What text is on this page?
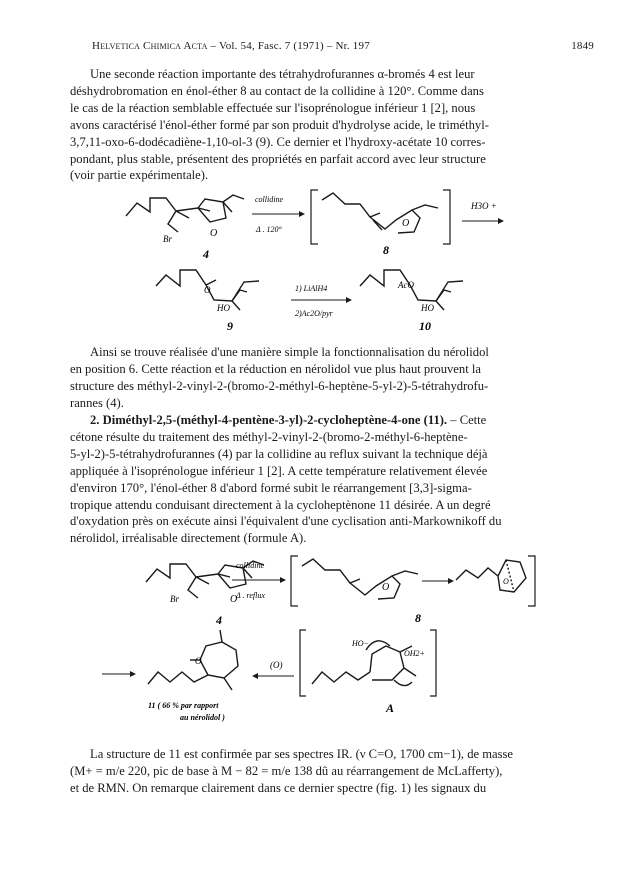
Helvetica Chimica Acta – Vol. 54, Fasc. 7 (1971) – Nr. 197	1849
Une seconde réaction importante des tétrahydrofurannes α-bromés 4 est leur
déshydrobromation en énol-éther 8 au contact de la collidine à 120°. Comme dans
le cas de la réaction semblable effectuée sur l'isoprénologue inférieur 1 [2], nous
avons caractérisé l'énol-éther formé par son produit d'hydrolyse acide, le triméthyl-
3,7,11-oxo-6-dodécadiène-1,10-ol-3 (9). Ce dernier et l'hydroxy-acétate 10 corres-
pondant, plus stable, présentent des propriétés en parfait accord avec leur structure
(voir partie expérimentale).
Br	O
4
collidine
Δ . 120°
O
8
H3O +
O
HO
9
1) LiAlH4
2)Ac2O/pyr
AcO
HO
10
Ainsi se trouve réalisée d'une manière simple la fonctionnalisation du nérolidol
en position 6. Cette réaction et la réduction en nérolidol vue plus haut prouvent la
structure des méthyl-2-vinyl-2-(bromo-2-méthyl-6-heptène-5-yl-2)-5-tétrahydrofu-
rannes (4).
2. Diméthyl-2,5-(méthyl-4-pentène-3-yl)-2-cycloheptène-4-one (11). – Cette
cétone résulte du traitement des méthyl-2-vinyl-2-(bromo-2-méthyl-6-heptène-
5-yl-2)-5-tétrahydrofurannes (4) par la collidine au reflux suivant la technique déjà
appliquée à l'isoprénologue inférieur 1 [2]. A cette température relativement élevée
d'environ 170°, l'énol-éther 8 d'abord formé subit le réarrangement [3,3]-sigma-
tropique attendu conduisant directement à la cycloheptènone 11 désirée. A un degré
d'oxydation près on exécute ainsi l'équivalent d'une cyclisation anti-Markownikoff du
nérolidol, irréalisable directement (formule A).
Br	O
4
collidine
Δ . reflux
O
O
8
O
11 ( 66 % par rapport
au nérolidol )
(O)
HO−
OH2+
A
La structure de 11 est confirmée par ses spectres IR. (ν C=O, 1700 cm−1), de masse
(M+ = m/e 220, pic de base à M − 82 = m/e 138 dû au réarrangement de McLafferty),
et de RMN. On remarque clairement dans ce dernier spectre (fig. 1) les signaux du
